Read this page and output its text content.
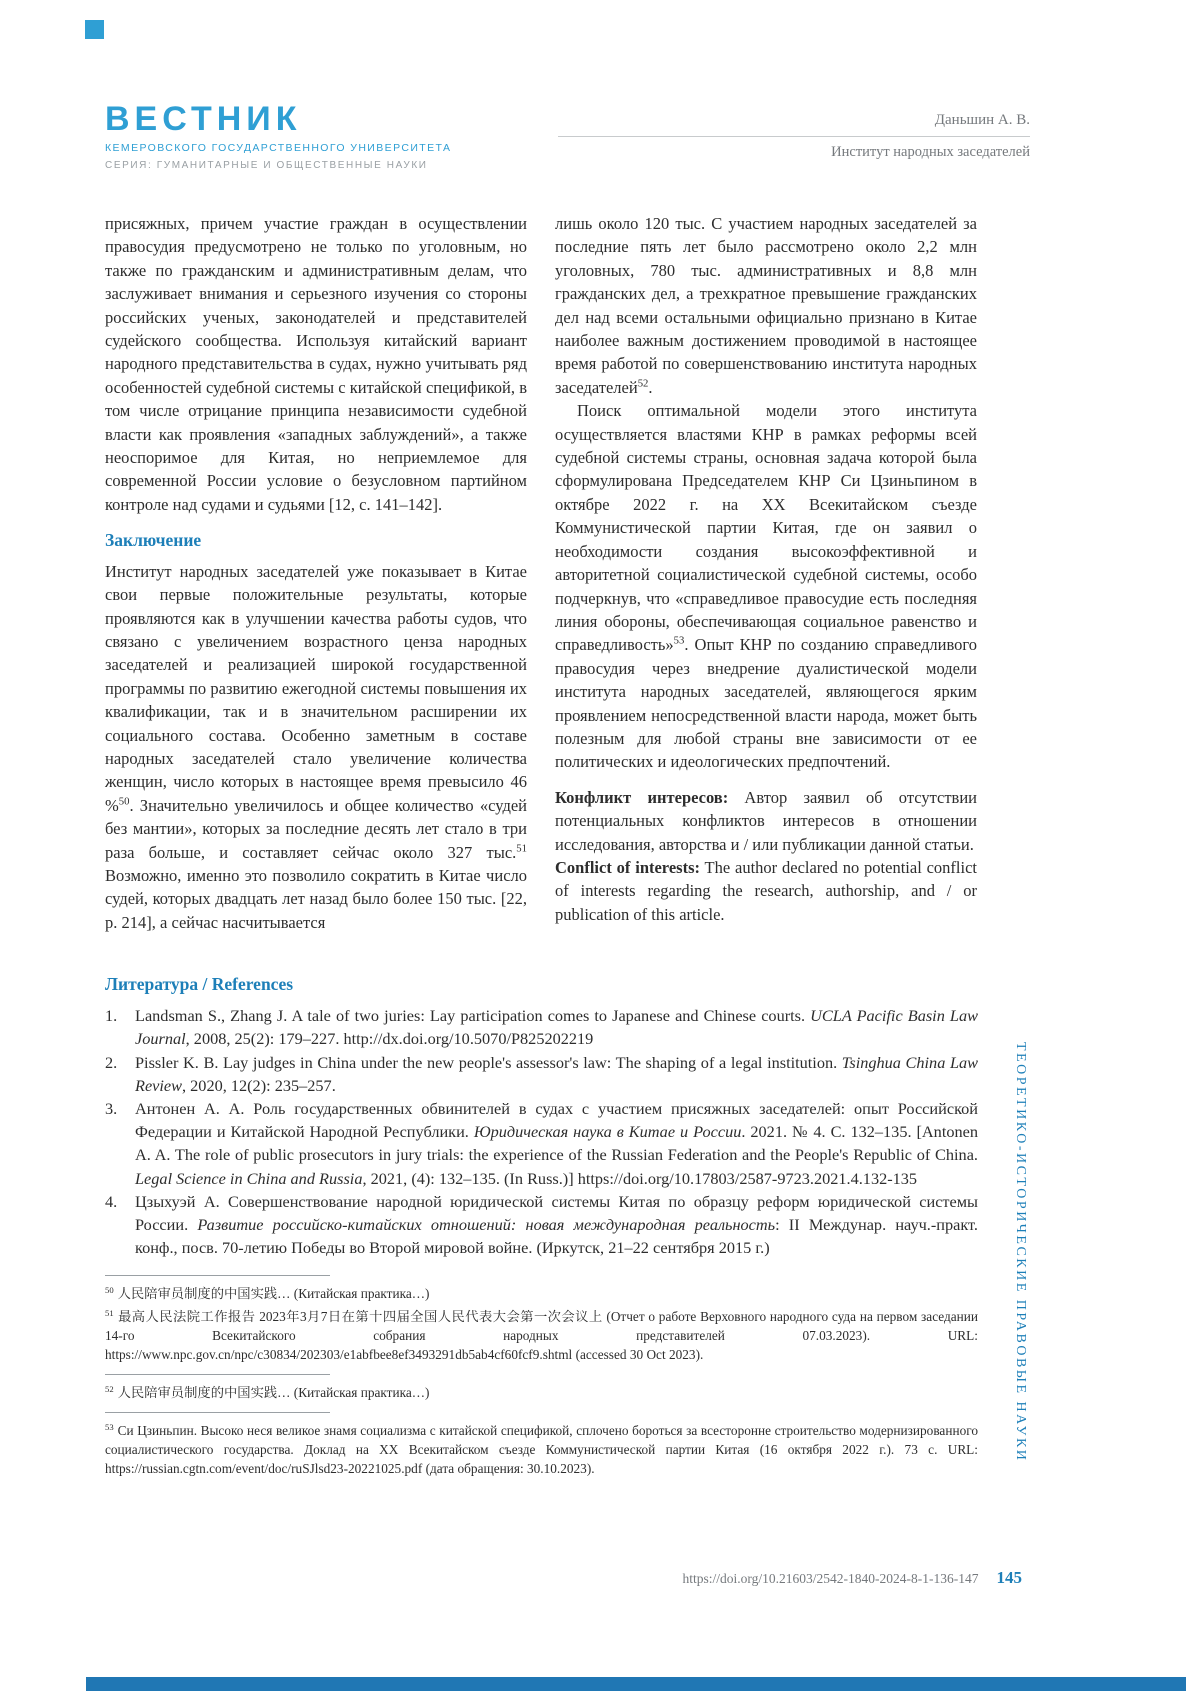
ВЕСТНИК
КЕМЕРОВСКОГО ГОСУДАРСТВЕННОГО УНИВЕРСИТЕТА
СЕРИЯ: ГУМАНИТАРНЫЕ И ОБЩЕСТВЕННЫЕ НАУКИ
Даньшин А. В.
Институт народных заседателей

присяжных, причем участие граждан в осуществлении правосудия предусмотрено не только по уголовным, но также по гражданским и административным делам, что заслуживает внимания и серьезного изучения со стороны российских ученых, законодателей и представителей судейского сообщества. Используя китайский вариант народного представительства в судах, нужно учитывать ряд особенностей судебной системы с китайской спецификой, в том числе отрицание принципа независимости судебной власти как проявления «западных заблуждений», а также неоспоримое для Китая, но неприемлемое для современной России условие о безусловном партийном контроле над судами и судьями [12, с. 141–142].

Заключение

Институт народных заседателей уже показывает в Китае свои первые положительные результаты, которые проявляются как в улучшении качества работы судов, что связано с увеличением возрастного ценза народных заседателей и реализацией широкой государственной программы по развитию ежегодной системы повышения их квалификации, так и в значительном расширении их социального состава. Особенно заметным в составе народных заседателей стало увеличение количества женщин, число которых в настоящее время превысило 46 %$^{50}$. Значительно увеличилось и общее количество «судей без мантии», которых за последние десять лет стало в три раза больше, и составляет сейчас около 327 тыс.$^{51}$ Возможно, именно это позволило сократить в Китае число судей, которых двадцать лет назад было более 150 тыс. [22, p. 214], а сейчас насчитывается

лишь около 120 тыс. С участием народных заседателей за последние пять лет было рассмотрено около 2,2 млн уголовных, 780 тыс. административных и 8,8 млн гражданских дел, а трехкратное превышение гражданских дел над всеми остальными официально признано в Китае наиболее важным достижением проводимой в настоящее время работой по совершенствованию института народных заседателей$^{52}$.

Поиск оптимальной модели этого института осуществляется властями КНР в рамках реформы всей судебной системы страны, основная задача которой была сформулирована Председателем КНР Си Цзиньпином в октябре 2022 г. на XX Всекитайском съезде Коммунистической партии Китая, где он заявил о необходимости создания высокоэффективной и авторитетной социалистической судебной системы, особо подчеркнув, что «справедливое правосудие есть последняя линия обороны, обеспечивающая социальное равенство и справедливость»$^{53}$. Опыт КНР по созданию справедливого правосудия через внедрение дуалистической модели института народных заседателей, являющегося ярким проявлением непосредственной власти народа, может быть полезным для любой страны вне зависимости от ее политических и идеологических предпочтений.

Конфликт интересов: Автор заявил об отсутствии потенциальных конфликтов интересов в отношении исследования, авторства и / или публикации данной статьи.

Conflict of interests: The author declared no potential conflict of interests regarding the research, authorship, and / or publication of this article.

Литература / References
1.	Landsman S., Zhang J. A tale of two juries: Lay participation comes to Japanese and Chinese courts. UCLA Pacific Basin Law Journal, 2008, 25(2): 179–227. http://dx.doi.org/10.5070/P825202219
2.	Pissler K. B. Lay judges in China under the new people's assessor's law: The shaping of a legal institution. Tsinghua China Law Review, 2020, 12(2): 235–257.
3.	Антонен А. А. Роль государственных обвинителей в судах с участием присяжных заседателей: опыт Российской Федерации и Китайской Народной Республики. Юридическая наука в Китае и России. 2021. № 4. С. 132–135. [Antonen A. A. The role of public prosecutors in jury trials: the experience of the Russian Federation and the People's Republic of China. Legal Science in China and Russia, 2021, (4): 132–135. (In Russ.)] https://doi.org/10.17803/2587-9723.2021.4.132-135
4.	Цзыхуэй А. Совершенствование народной юридической системы Китая по образцу реформ юридической системы России. Развитие российско-китайских отношений: новая международная реальность: II Междунар. науч.-практ. конф., посв. 70-летию Победы во Второй мировой войне. (Иркутск, 21–22 сентября 2015 г.)
$^{50}$ 人民陪审员制度的中国实践… (Китайская практика…)
$^{51}$ 最高人民法院工作报告 2023年3月7日在第十四届全国人民代表大会第一次会议上 (Отчет о работе Верховного народного суда на первом заседании 14-го Всекитайского собрания народных представителей 07.03.2023). URL: https://www.npc.gov.cn/npc/c30834/202303/e1abfbee8ef3493291db5ab4cf60fcf9.shtml (accessed 30 Oct 2023).
$^{52}$ 人民陪审员制度的中国实践… (Китайская практика…)
$^{53}$ Си Цзиньпин. Высоко неся великое знамя социализма с китайской спецификой, сплочено бороться за всесторонне строительство модернизированного социалистического государства. Доклад на XX Всекитайском съезде Коммунистической партии Китая (16 октября 2022 г.). 73 с. URL: https://russian.cgtn.com/event/doc/ruSJlsd23-20221025.pdf (дата обращения: 30.10.2023).
ТЕОРЕТИКО-ИСТОРИЧЕСКИЕ ПРАВОВЫЕ НАУКИ
https://doi.org/10.21603/2542-1840-2024-8-1-136-147 145
